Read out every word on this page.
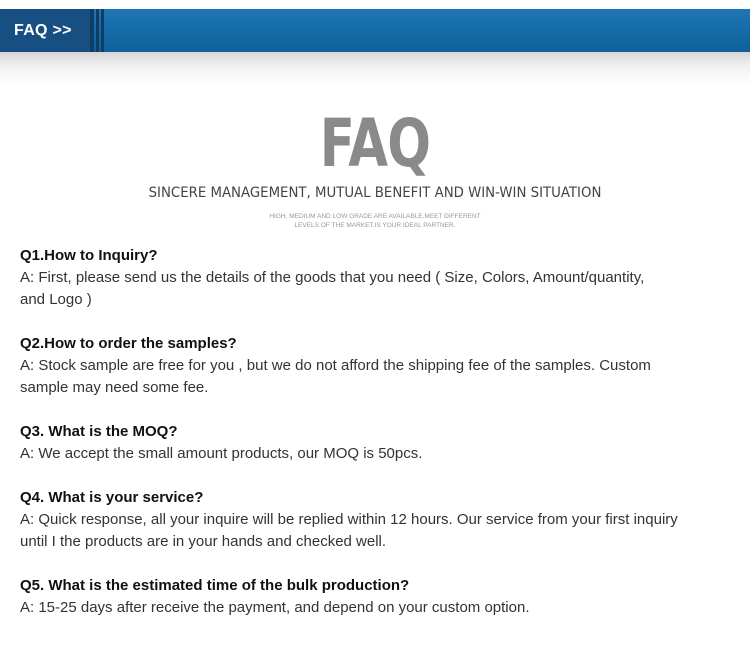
FAQ >>
FAQ
SINCERE MANAGEMENT, MUTUAL BENEFIT AND WIN-WIN SITUATION
HIGH, MEDIUM AND LOW GRADE ARE AVAILABLE.MEET DIFFERENT
LEVELS OF THE MARKET.IS YOUR IDEAL PARTNER.

Q1.How to Inquiry?

A: First, please send us the details of the goods that you need ( Size, Colors, Amount/quantity,

and Logo )

Q2.How to order the samples?

A: Stock sample are free for you , but we do not afford the shipping fee of the samples. Custom

sample may need some fee.

Q3. What is the MOQ?

A: We accept the small amount products, our MOQ is 50pcs.

Q4. What is your service?

A: Quick response, all your inquire will be replied within 12 hours. Our service from your first inquiry

until I the products are in your hands and checked well.

Q5. What is the estimated time of the bulk production?

A: 15-25 days after receive the payment, and depend on your custom option.
